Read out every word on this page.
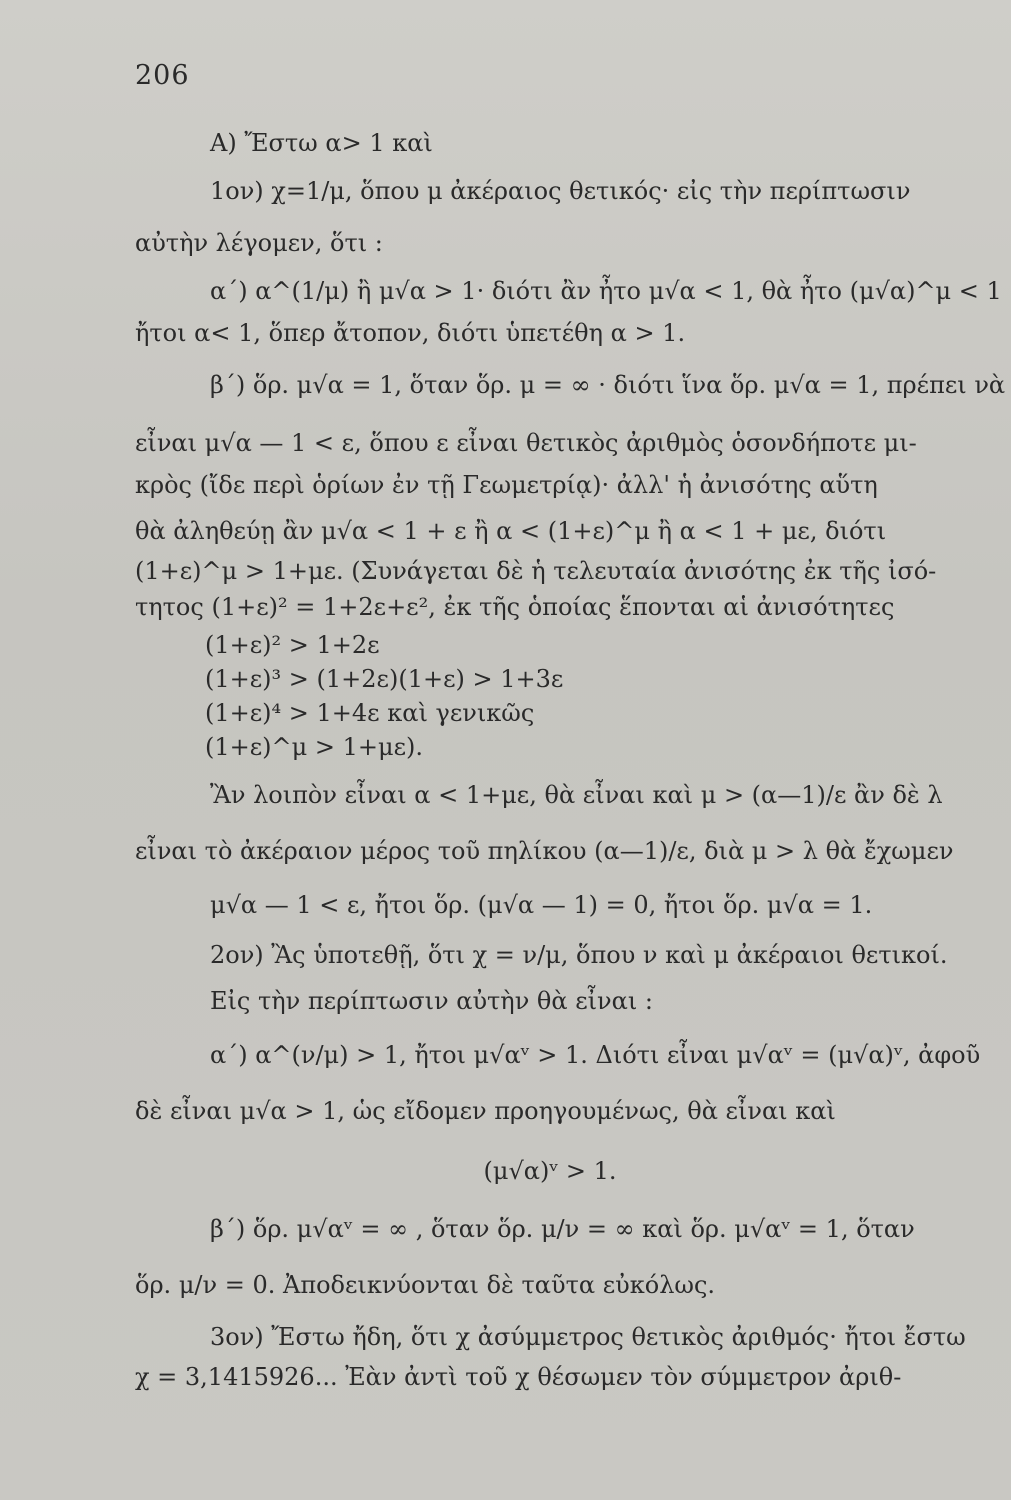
206
A) Ἔστω α> 1 καὶ
1ον) χ=1/μ, ὅπου μ ἀκέραιος θετικός· εἰς τὴν περίπτωσιν
αὐτὴν λέγομεν, ὅτι :
α΄) α^(1/μ) ἢ μ√α > 1· διότι ἂν ἦτο μ√α < 1, θὰ ἦτο (μ√α)^μ < 1
ἤτοι α< 1, ὅπερ ἄτοπον, διότι ὑπετέθη α > 1.
β΄) ὅρ. μ√α = 1, ὅταν ὅρ. μ = ∞ · διότι ἵνα ὅρ. μ√α = 1, πρέπει νὰ
εἶναι μ√α — 1 < ε, ὅπου ε εἶναι θετικὸς ἀριθμὸς ὁσονδήποτε μι-
κρὸς (ἴδε περὶ ὁρίων ἐν τῇ Γεωμετρίᾳ)· ἀλλ' ἡ ἀνισότης αὕτη
θὰ ἀληθεύῃ ἂν μ√α < 1 + ε ἢ α < (1+ε)^μ ἢ α < 1 + με, διότι
(1+ε)^μ > 1+με. (Συνάγεται δὲ ἡ τελευταία ἀνισότης ἐκ τῆς ἰσό-
τητος (1+ε)² = 1+2ε+ε², ἐκ τῆς ὁποίας ἕπονται αἱ ἀνισότητες
(1+ε)² > 1+2ε
(1+ε)³ > (1+2ε)(1+ε) > 1+3ε
(1+ε)⁴ > 1+4ε καὶ γενικῶς
(1+ε)^μ > 1+με).
Ἂν λοιπὸν εἶναι α < 1+με, θὰ εἶναι καὶ μ > (α—1)/ε ἂν δὲ λ
εἶναι τὸ ἀκέραιον μέρος τοῦ πηλίκου (α—1)/ε, διὰ μ > λ θὰ ἔχωμεν
μ√α — 1 < ε, ἤτοι ὅρ. (μ√α — 1) = 0, ἤτοι ὅρ. μ√α = 1.
2ον) Ἂς ὑποτεθῇ, ὅτι χ = ν/μ, ὅπου ν καὶ μ ἀκέραιοι θετικοί.
Εἰς τὴν περίπτωσιν αὐτὴν θὰ εἶναι :
α΄) α^(ν/μ) > 1, ἤτοι μ√αᵛ > 1. Διότι εἶναι μ√αᵛ = (μ√α)ᵛ, ἀφοῦ
δὲ εἶναι μ√α > 1, ὡς εἴδομεν προηγουμένως, θὰ εἶναι καὶ
(μ√α)ᵛ > 1.
β΄) ὅρ. μ√αᵛ = ∞ , ὅταν ὅρ. μ/ν = ∞ καὶ ὅρ. μ√αᵛ = 1, ὅταν
ὅρ. μ/ν = 0. Ἀποδεικνύονται δὲ ταῦτα εὐκόλως.
3ον) Ἔστω ἤδη, ὅτι χ ἀσύμμετρος θετικὸς ἀριθμός· ἤτοι ἔστω
χ = 3,1415926... Ἐὰν ἀντὶ τοῦ χ θέσωμεν τὸν σύμμετρον ἀριθ-
